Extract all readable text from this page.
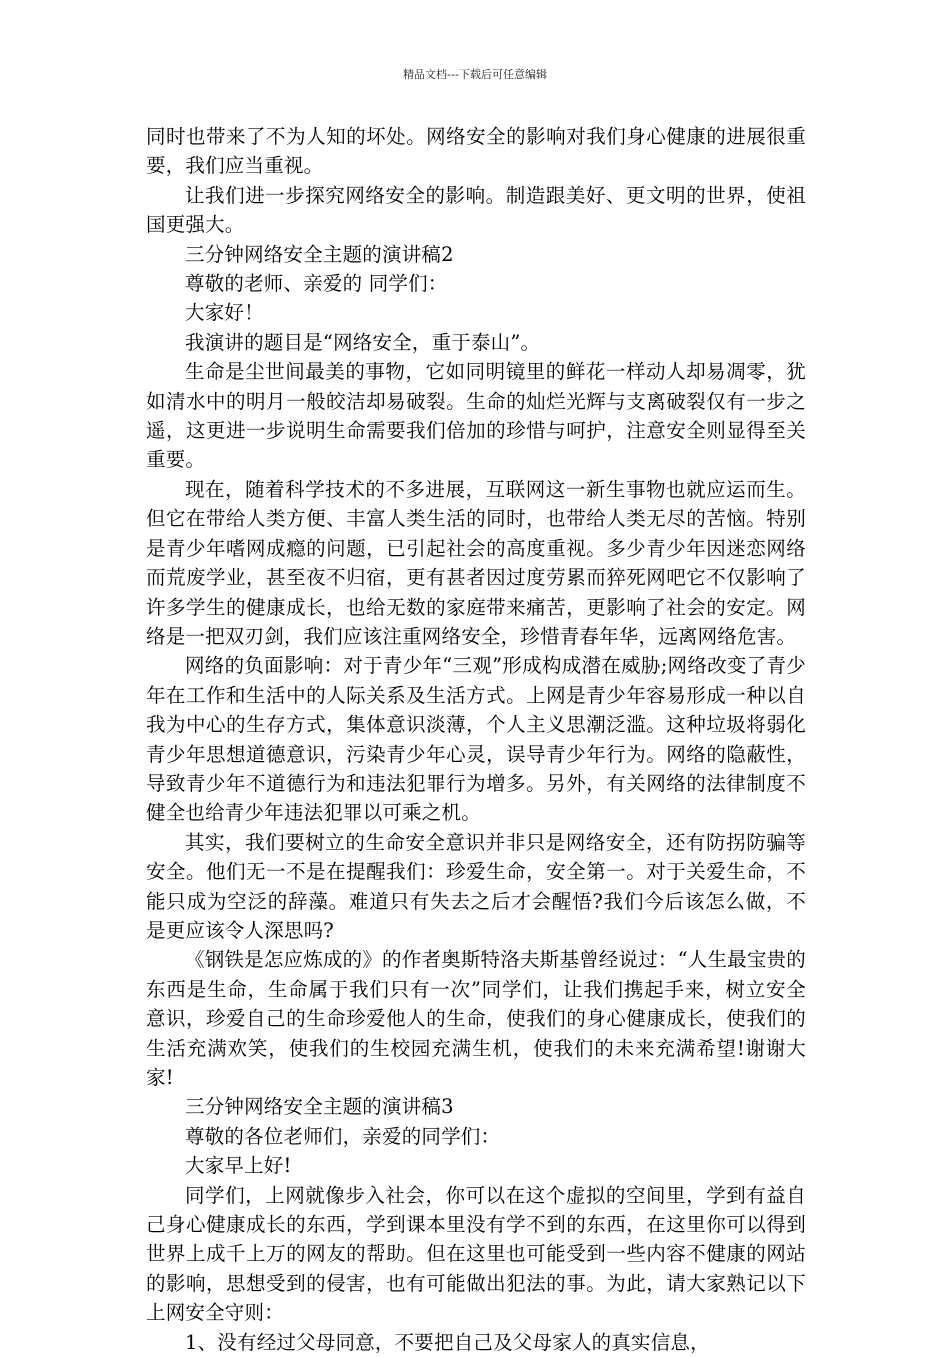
精品文档---下载后可任意编辑

同时也带来了不为人知的坏处。网络安全的影响对我们身心健康的进展很重要，我们应当重视。

让我们进一步探究网络安全的影响。制造跟美好、更文明的世界，使祖国更强大。

三分钟网络安全主题的演讲稿2

尊敬的老师、亲爱的 同学们：

大家好！

我演讲的题目是“网络安全，重于泰山”。

生命是尘世间最美的事物，它如同明镜里的鲜花一样动人却易凋零，犹如清水中的明月一般皎洁却易破裂。生命的灿烂光辉与支离破裂仅有一步之遥，这更进一步说明生命需要我们倍加的珍惜与呵护，注意安全则显得至关重要。

现在，随着科学技术的不多进展，互联网这一新生事物也就应运而生。但它在带给人类方便、丰富人类生活的同时，也带给人类无尽的苦恼。特别是青少年嗜网成瘾的问题，已引起社会的高度重视。多少青少年因迷恋网络而荒废学业，甚至夜不归宿，更有甚者因过度劳累而猝死网吧它不仅影响了许多学生的健康成长，也给无数的家庭带来痛苦，更影响了社会的安定。网络是一把双刃剑，我们应该注重网络安全，珍惜青春年华，远离网络危害。

网络的负面影响：对于青少年“三观”形成构成潜在威胁;网络改变了青少年在工作和生活中的人际关系及生活方式。上网是青少年容易形成一种以自我为中心的生存方式，集体意识淡薄，个人主义思潮泛滥。这种垃圾将弱化青少年思想道德意识，污染青少年心灵，误导青少年行为。网络的隐蔽性，导致青少年不道德行为和违法犯罪行为增多。另外，有关网络的法律制度不健全也给青少年违法犯罪以可乘之机。

其实，我们要树立的生命安全意识并非只是网络安全，还有防拐防骗等安全。他们无一不是在提醒我们：珍爱生命，安全第一。对于关爱生命，不能只成为空泛的辞藻。难道只有失去之后才会醒悟?我们今后该怎么做，不是更应该令人深思吗?

《钢铁是怎应炼成的》的作者奥斯特洛夫斯基曾经说过：“人生最宝贵的东西是生命，生命属于我们只有一次”同学们，让我们携起手来，树立安全意识，珍爱自己的生命珍爱他人的生命，使我们的身心健康成长，使我们的生活充满欢笑，使我们的生校园充满生机，使我们的未来充满希望!谢谢大家!

三分钟网络安全主题的演讲稿3

尊敬的各位老师们，亲爱的同学们：

大家早上好!

同学们，上网就像步入社会，你可以在这个虚拟的空间里，学到有益自己身心健康成长的东西，学到课本里没有学不到的东西，在这里你可以得到世界上成千上万的网友的帮助。但在这里也可能受到一些内容不健康的网站的影响，思想受到的侵害，也有可能做出犯法的事。为此，请大家熟记以下上网安全守则：

1、没有经过父母同意，不要把自己及父母家人的真实信息，
